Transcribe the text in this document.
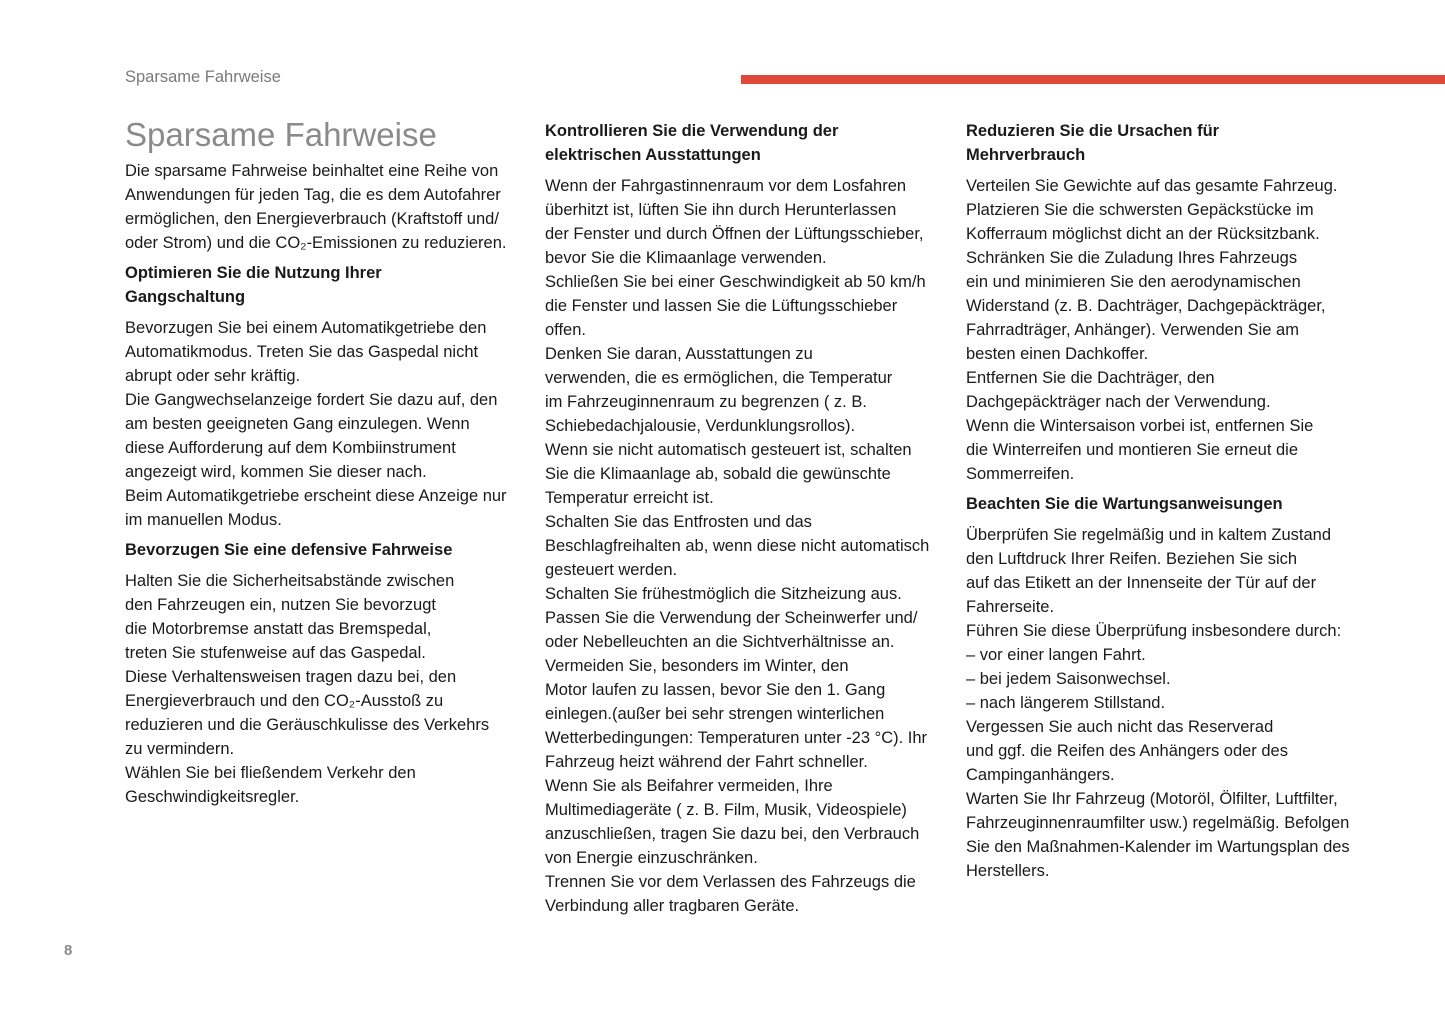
Sparsame Fahrweise
Sparsame Fahrweise
Die sparsame Fahrweise beinhaltet eine Reihe von
Anwendungen für jeden Tag, die es dem Autofahrer
ermöglichen, den Energieverbrauch (Kraftstoff und/
oder Strom) und die CO₂-Emissionen zu reduzieren.
Optimieren Sie die Nutzung Ihrer
Gangschaltung
Bevorzugen Sie bei einem Automatikgetriebe den
Automatikmodus. Treten Sie das Gaspedal nicht
abrupt oder sehr kräftig.
Die Gangwechselanzeige fordert Sie dazu auf, den
am besten geeigneten Gang einzulegen. Wenn
diese Aufforderung auf dem Kombiinstrument
angezeigt wird, kommen Sie dieser nach.
Beim Automatikgetriebe erscheint diese Anzeige nur
im manuellen Modus.
Bevorzugen Sie eine defensive Fahrweise
Halten Sie die Sicherheitsabstände zwischen
den Fahrzeugen ein, nutzen Sie bevorzugt
die Motorbremse anstatt das Bremspedal,
treten Sie stufenweise auf das Gaspedal.
Diese Verhaltensweisen tragen dazu bei, den
Energieverbrauch und den CO₂-Ausstoß zu
reduzieren und die Geräuschkulisse des Verkehrs
zu vermindern.
Wählen Sie bei fließendem Verkehr den
Geschwindigkeitsregler.
Kontrollieren Sie die Verwendung der
elektrischen Ausstattungen
Wenn der Fahrgastinnenraum vor dem Losfahren
überhitzt ist, lüften Sie ihn durch Herunterlassen
der Fenster und durch Öffnen der Lüftungsschieber,
bevor Sie die Klimaanlage verwenden.
Schließen Sie bei einer Geschwindigkeit ab 50 km/h
die Fenster und lassen Sie die Lüftungsschieber
offen.
Denken Sie daran, Ausstattungen zu
verwenden, die es ermöglichen, die Temperatur
im Fahrzeuginnenraum zu begrenzen ( z. B.
Schiebedachjalousie, Verdunklungsrollos).
Wenn sie nicht automatisch gesteuert ist, schalten
Sie die Klimaanlage ab, sobald die gewünschte
Temperatur erreicht ist.
Schalten Sie das Entfrosten und das
Beschlagfreihalten ab, wenn diese nicht automatisch
gesteuert werden.
Schalten Sie frühestmöglich die Sitzheizung aus.
Passen Sie die Verwendung der Scheinwerfer und/
oder Nebelleuchten an die Sichtverhältnisse an.
Vermeiden Sie, besonders im Winter, den
Motor laufen zu lassen, bevor Sie den 1. Gang
einlegen.(außer bei sehr strengen winterlichen
Wetterbedingungen: Temperaturen unter -23 °C). Ihr
Fahrzeug heizt während der Fahrt schneller.
Wenn Sie als Beifahrer vermeiden, Ihre
Multimediageräte ( z. B. Film, Musik, Videospiele)
anzuschließen, tragen Sie dazu bei, den Verbrauch
von Energie einzuschränken.
Trennen Sie vor dem Verlassen des Fahrzeugs die
Verbindung aller tragbaren Geräte.
Reduzieren Sie die Ursachen für
Mehrverbrauch
Verteilen Sie Gewichte auf das gesamte Fahrzeug.
Platzieren Sie die schwersten Gepäckstücke im
Kofferraum möglichst dicht an der Rücksitzbank.
Schränken Sie die Zuladung Ihres Fahrzeugs
ein und minimieren Sie den aerodynamischen
Widerstand (z. B. Dachträger, Dachgepäckträger,
Fahrradträger, Anhänger). Verwenden Sie am
besten einen Dachkoffer.
Entfernen Sie die Dachträger, den
Dachgepäckträger nach der Verwendung.
Wenn die Wintersaison vorbei ist, entfernen Sie
die Winterreifen und montieren Sie erneut die
Sommerreifen.
Beachten Sie die Wartungsanweisungen
Überprüfen Sie regelmäßig und in kaltem Zustand
den Luftdruck Ihrer Reifen. Beziehen Sie sich
auf das Etikett an der Innenseite der Tür auf der
Fahrerseite.
Führen Sie diese Überprüfung insbesondere durch:
– vor einer langen Fahrt.
– bei jedem Saisonwechsel.
– nach längerem Stillstand.
Vergessen Sie auch nicht das Reserverad
und ggf. die Reifen des Anhängers oder des
Campinganhängers.
Warten Sie Ihr Fahrzeug (Motoröl, Ölfilter, Luftfilter,
Fahrzeuginnenraumfilter usw.) regelmäßig. Befolgen
Sie den Maßnahmen-Kalender im Wartungsplan des
Herstellers.
8
